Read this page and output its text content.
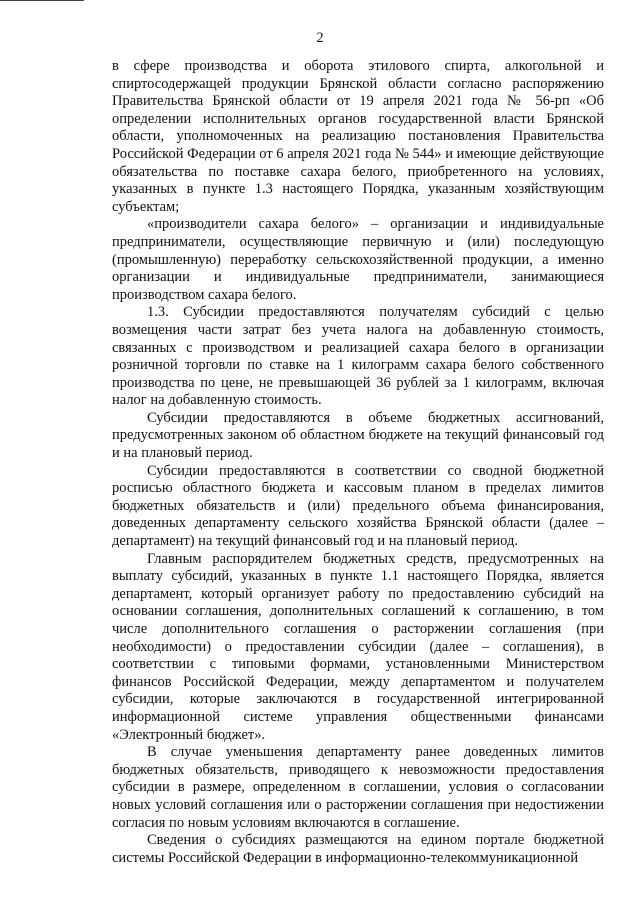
2

в сфере производства и оборота этилового спирта, алкогольной и спиртосодержащей продукции Брянской области согласно распоряжению Правительства Брянской области от 19 апреля 2021 года № 56-рп «Об определении исполнительных органов государственной власти Брянской области, уполномоченных на реализацию постановления Правительства Российской Федерации от 6 апреля 2021 года № 544» и имеющие действующие обязательства по поставке сахара белого, приобретенного на условиях, указанных в пункте 1.3 настоящего Порядка, указанным хозяйствующим субъектам;

«производители сахара белого» – организации и индивидуальные предприниматели, осуществляющие первичную и (или) последующую (промышленную) переработку сельскохозяйственной продукции, а именно организации и индивидуальные предприниматели, занимающиеся производством сахара белого.

1.3. Субсидии предоставляются получателям субсидий с целью возмещения части затрат без учета налога на добавленную стоимость, связанных с производством и реализацией сахара белого в организации розничной торговли по ставке на 1 килограмм сахара белого собственного производства по цене, не превышающей 36 рублей за 1 килограмм, включая налог на добавленную стоимость.

Субсидии предоставляются в объеме бюджетных ассигнований, предусмотренных законом об областном бюджете на текущий финансовый год и на плановый период.

Субсидии предоставляются в соответствии со сводной бюджетной росписью областного бюджета и кассовым планом в пределах лимитов бюджетных обязательств и (или) предельного объема финансирования, доведенных департаменту сельского хозяйства Брянской области (далее – департамент) на текущий финансовый год и на плановый период.

Главным распорядителем бюджетных средств, предусмотренных на выплату субсидий, указанных в пункте 1.1 настоящего Порядка, является департамент, который организует работу по предоставлению субсидий на основании соглашения, дополнительных соглашений к соглашению, в том числе дополнительного соглашения о расторжении соглашения (при необходимости) о предоставлении субсидии (далее – соглашения), в соответствии с типовыми формами, установленными Министерством финансов Российской Федерации, между департаментом и получателем субсидии, которые заключаются в государственной интегрированной информационной системе управления общественными финансами «Электронный бюджет».

В случае уменьшения департаменту ранее доведенных лимитов бюджетных обязательств, приводящего к невозможности предоставления субсидии в размере, определенном в соглашении, условия о согласовании новых условий соглашения или о расторжении соглашения при недостижении согласия по новым условиям включаются в соглашение.

Сведения о субсидиях размещаются на едином портале бюджетной системы Российской Федерации в информационно-телекоммуникационной
